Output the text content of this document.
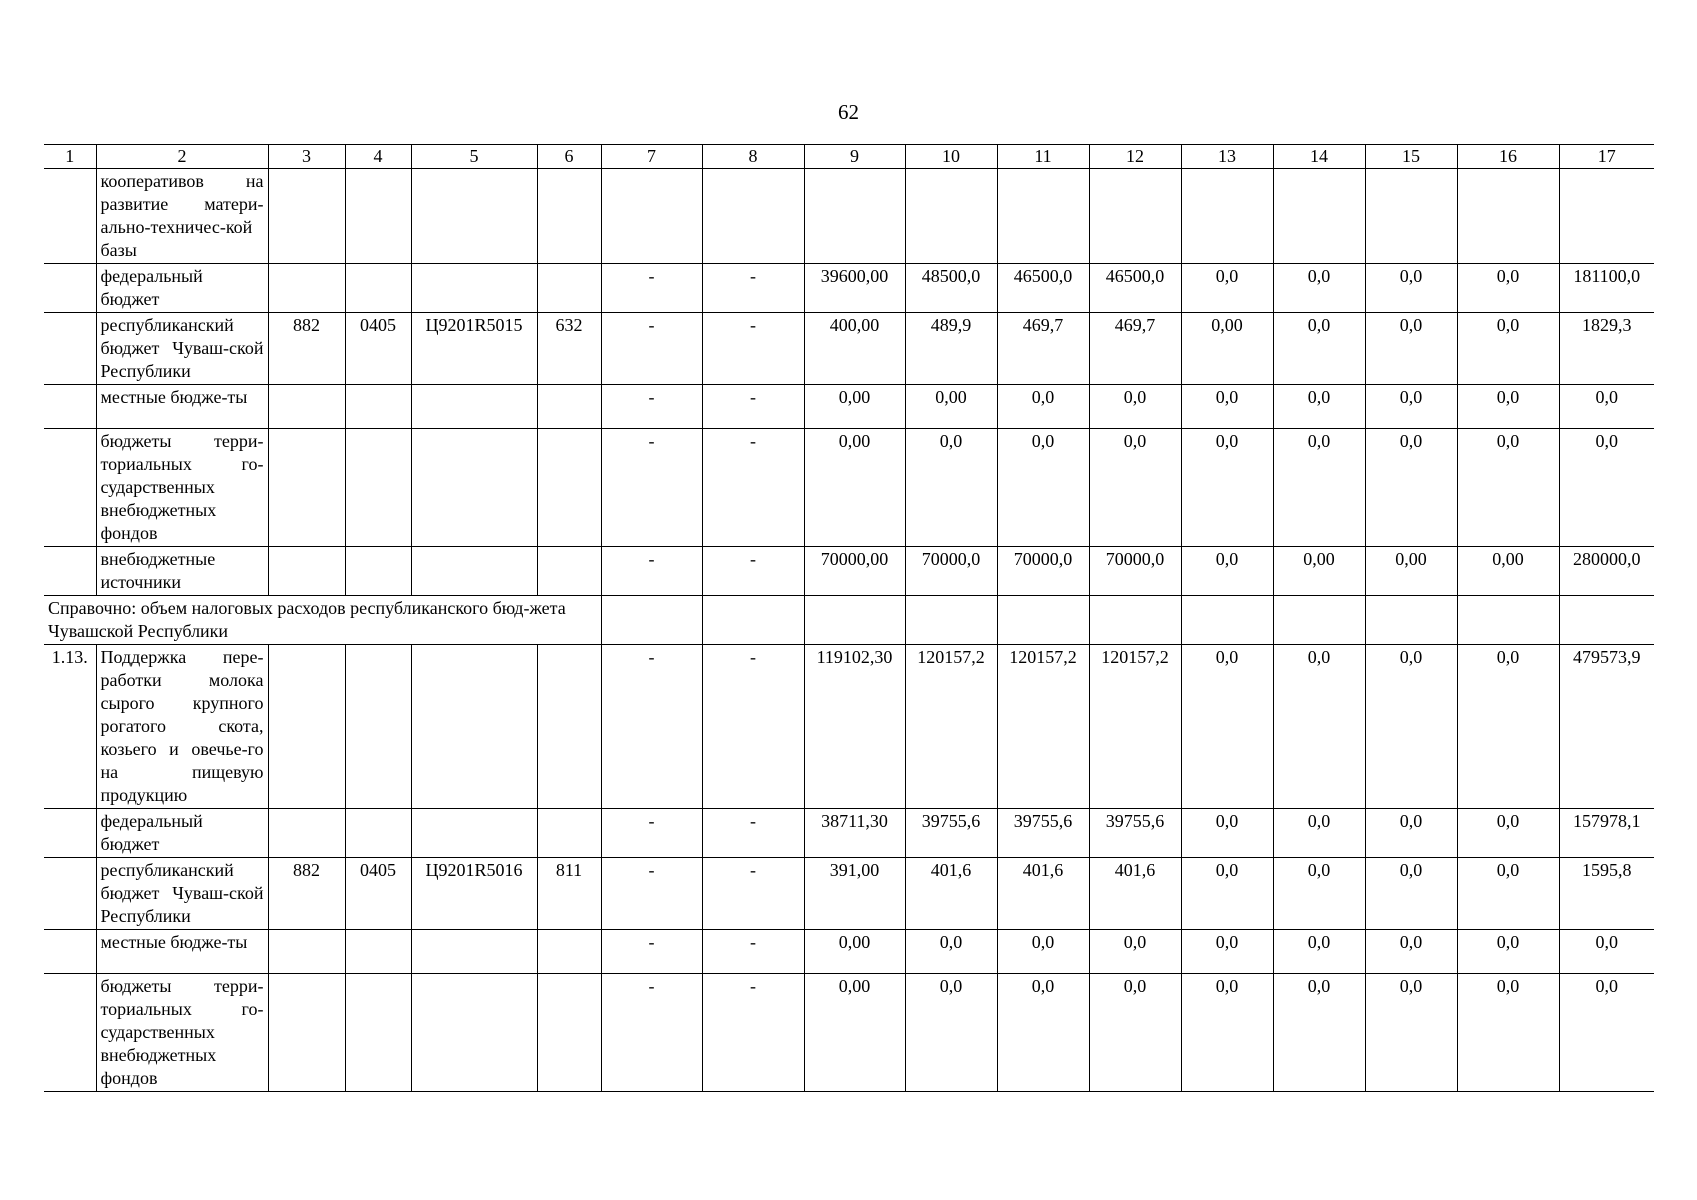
62
1	2	3	4	5	6	7	8	9	10	11	12	13	14	15	16	17
	кооперативов на развитие матери-ально-техничес-кой базы															
	федеральный бюджет					-	-	39600,00	48500,0	46500,0	46500,0	0,0	0,0	0,0	0,0	181100,0
	республиканский бюджет Чуваш-ской Республики	882	0405	Ц9201R5015	632	-	-	400,00	489,9	469,7	469,7	0,00	0,0	0,0	0,0	1829,3
	местные бюдже-ты					-	-	0,00	0,00	0,0	0,0	0,0	0,0	0,0	0,0	0,0
	бюджеты терри-ториальных го-сударственных внебюджетных фондов					-	-	0,00	0,0	0,0	0,0	0,0	0,0	0,0	0,0	0,0
	внебюджетные источники					-	-	70000,00	70000,0	70000,0	70000,0	0,0	0,00	0,00	0,00	280000,0
Справочно: объем налоговых расходов республиканского бюд-жета Чувашской Республики																
1.13.	Поддержка пере-работки молока сырого крупного рогатого скота, козьего и овечье-го на пищевую продукцию					-	-	119102,30	120157,2	120157,2	120157,2	0,0	0,0	0,0	0,0	479573,9
	федеральный бюджет					-	-	38711,30	39755,6	39755,6	39755,6	0,0	0,0	0,0	0,0	157978,1
	республиканский бюджет Чуваш-ской Республики	882	0405	Ц9201R5016	811	-	-	391,00	401,6	401,6	401,6	0,0	0,0	0,0	0,0	1595,8
	местные бюдже-ты					-	-	0,00	0,0	0,0	0,0	0,0	0,0	0,0	0,0	0,0
	бюджеты терри-ториальных го-сударственных внебюджетных фондов					-	-	0,00	0,0	0,0	0,0	0,0	0,0	0,0	0,0	0,0
